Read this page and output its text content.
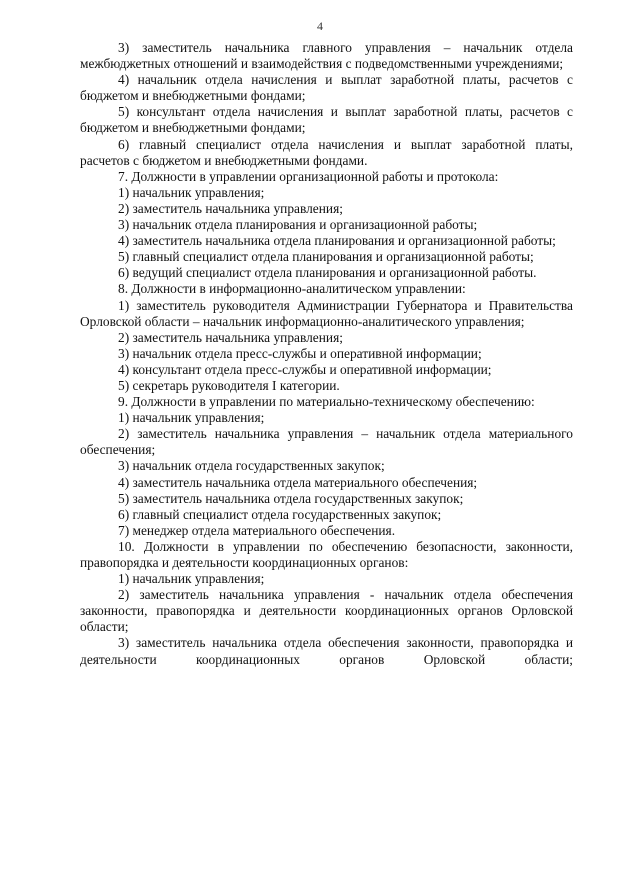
4

3) заместитель начальника главного управления – начальник отдела межбюджетных отношений и взаимодействия с подведомственными учреждениями;

4) начальник отдела начисления и выплат заработной платы, расчетов с бюджетом и внебюджетными фондами;

5) консультант отдела начисления и выплат заработной платы, расчетов с бюджетом и внебюджетными фондами;

6) главный специалист отдела начисления и выплат заработной платы, расчетов с бюджетом и внебюджетными фондами.

7. Должности в управлении организационной работы и протокола:

1) начальник управления;

2) заместитель начальника управления;

3) начальник отдела планирования и организационной работы;

4) заместитель начальника отдела планирования и организационной работы;

5) главный специалист отдела планирования и организационной работы;

6) ведущий специалист отдела планирования и организационной работы.

8. Должности в информационно-аналитическом управлении:

1) заместитель руководителя Администрации Губернатора и Правительства Орловской области – начальник информационно-аналитического управления;

2) заместитель начальника управления;

3) начальник отдела пресс-службы и оперативной информации;

4) консультант отдела пресс-службы и оперативной информации;

5) секретарь руководителя I категории.

9. Должности в управлении по материально-техническому обеспечению:

1) начальник управления;

2) заместитель начальника управления – начальник отдела материального обеспечения;

3) начальник отдела государственных закупок;

4) заместитель начальника отдела материального обеспечения;

5) заместитель начальника отдела государственных закупок;

6) главный специалист отдела государственных закупок;

7) менеджер отдела материального обеспечения.

10. Должности в управлении по обеспечению безопасности, законности, правопорядка и деятельности координационных органов:

1) начальник управления;

2) заместитель начальника управления - начальник отдела обеспечения законности, правопорядка и деятельности координационных органов Орловской области;

3) заместитель начальника отдела обеспечения законности, правопорядка и деятельности координационных органов Орловской области;
